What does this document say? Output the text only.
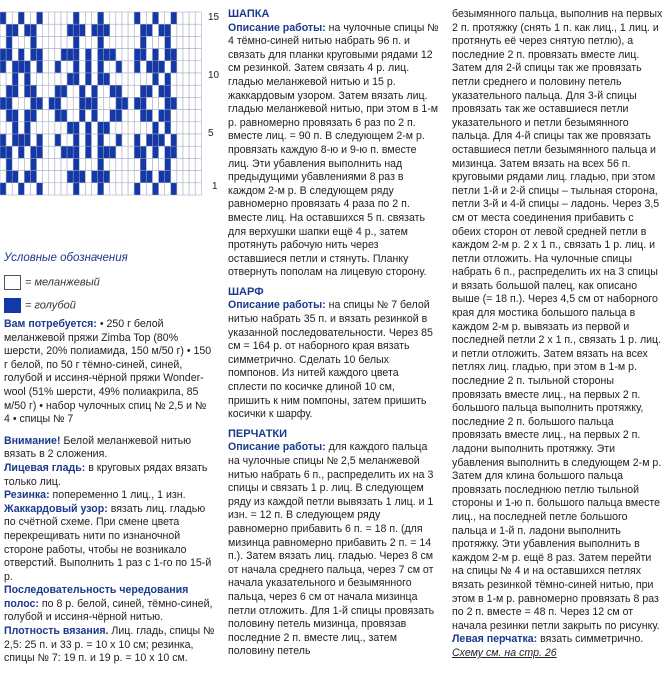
15
10
5
1
Условные обозначения
= меланжевый
= голубой

Вам потребуется: • 250 г белой меланжевой пряжи Zimba Top (80% шерсти, 20% полиамида, 150 м/50 г) • 150 г белой, по 50 г тёмно-синей, синей, голубой и иссиня-чёрной пряжи Wonder-wool (51% шерсти, 49% полиакрила, 85 м/50 г) • набор чулочных спиц № 2,5 и № 4 • спицы № 7

Внимание! Белой меланжевой нитью вязать в 2 сложения.

Лицевая гладь: в круговых рядах вязать только лиц.

Резинка: попеременно 1 лиц., 1 изн.

Жаккардовый узор: вязать лиц. гладью по счётной схеме. При смене цвета перекрещивать нити по изнаночной стороне работы, чтобы не возникало отверстий. Выполнить 1 раз с 1-го по 15-й р.

Последовательность чередования полос: по 8 р. белой, синей, тёмно-синей, голубой и иссиня-чёрной нитью.

Плотность вязания. Лиц. гладь, спицы № 2,5: 25 п. и 33 р. = 10 х 10 см; резинка, спицы № 7: 19 п. и 19 р. = 10 х 10 см.

ШАПКА

Описание работы: на чулочные спицы № 4 тёмно-синей нитью набрать 96 п. и связать для планки круговыми рядами 12 см резинкой. Затем связать 4 р. лиц. гладью меланжевой нитью и 15 р. жаккардовым узором. Затем вязать лиц. гладью меланжевой нитью, при этом в 1-м р. равномерно провязать 6 раз по 2 п. вместе лиц. = 90 п. В следующем 2-м р. провязать каждую 8-ю и 9-ю п. вместе лиц. Эти убавления выполнить над предыдущими убавлениями 8 раз в каждом 2-м р. В следующем ряду равномерно провязать 4 раза по 2 п. вместе лиц. На оставшихся 5 п. связать для верхушки шапки ещё 4 р., затем протянуть рабочую нить через оставшиеся петли и стянуть. Планку отвернуть пополам на лицевую сторону.

ШАРФ

Описание работы: на спицы № 7 белой нитью набрать 35 п. и вязать резинкой в указанной последовательности. Через 85 см = 164 р. от наборного края вязать симметрично. Сделать 10 белых помпонов. Из нитей каждого цвета сплести по косичке длиной 10 см, пришить к ним помпоны, затем пришить косички к шарфу.

ПЕРЧАТКИ

Описание работы: для каждого пальца на чулочные спицы № 2,5 меланжевой нитью набрать 6 п., распределить их на 3 спицы и связать 1 р. лиц. В следующем ряду из каждой петли вывязать 1 лиц. и 1 изн. = 12 п. В следующем ряду равномерно прибавить 6 п. = 18 п. (для мизинца равномерно прибавить 2 п. = 14 п.). Затем вязать лиц. гладью. Через 8 см от начала среднего пальца, через 7 см от начала указательного и безымянного пальца, через 6 см от начала мизинца петли отложить. Для 1-й спицы провязать половину петель мизинца, провязав последние 2 п. вместе лиц., затем половину петель

безымянного пальца, выполнив на первых 2 п. протяжку (снять 1 п. как лиц., 1 лиц. и протянуть её через снятую петлю), а последние 2 п. провязать вместе лиц. Затем для 2-й спицы так же провязать петли среднего и половину петель указательного пальца. Для 3-й спицы провязать так же оставшиеся петли указательного и петли безымянного пальца. Для 4-й спицы так же провязать оставшиеся петли безымянного пальца и мизинца. Затем вязать на всех 56 п. круговыми рядами лиц. гладью, при этом петли 1-й и 2-й спицы – тыльная сторона, петли 3-й и 4-й спицы – ладонь. Через 3,5 см от места соединения прибавить с обеих сторон от левой средней петли в каждом 2-м р. 2 х 1 п., связать 1 р. лиц. и петли отложить. На чулочные спицы набрать 6 п., распределить их на 3 спицы и вязать большой палец, как описано выше (= 18 п.). Через 4,5 см от наборного края для мостика большого пальца в каждом 2-м р. вывязать из первой и последней петли 2 х 1 п., связать 1 р. лиц. и петли отложить. Затем вязать на всех петлях лиц. гладью, при этом в 1-м р. последние 2 п. тыльной стороны провязать вместе лиц., на первых 2 п. большого пальца выполнить протяжку, последние 2 п. большого пальца провязать вместе лиц., на первых 2 п. ладони выполнить протяжку. Эти убавления выполнить в следующем 2-м р. Затем для клина большого пальца провязать последнюю петлю тыльной стороны и 1-ю п. большого пальца вместе лиц., на последней петле большого пальца и 1-й п. ладони выполнить протяжку. Эти убавления выполнить в каждом 2-м р. ещё 8 раз. Затем перейти на спицы № 4 и на оставшихся петлях вязать резинкой тёмно-синей нитью, при этом в 1-м р. равномерно провязать 8 раз по 2 п. вместе = 48 п. Через 12 см от начала резинки петли закрыть по рисунку.

Левая перчатка: вязать симметрично.

Схему см. на стр. 26
